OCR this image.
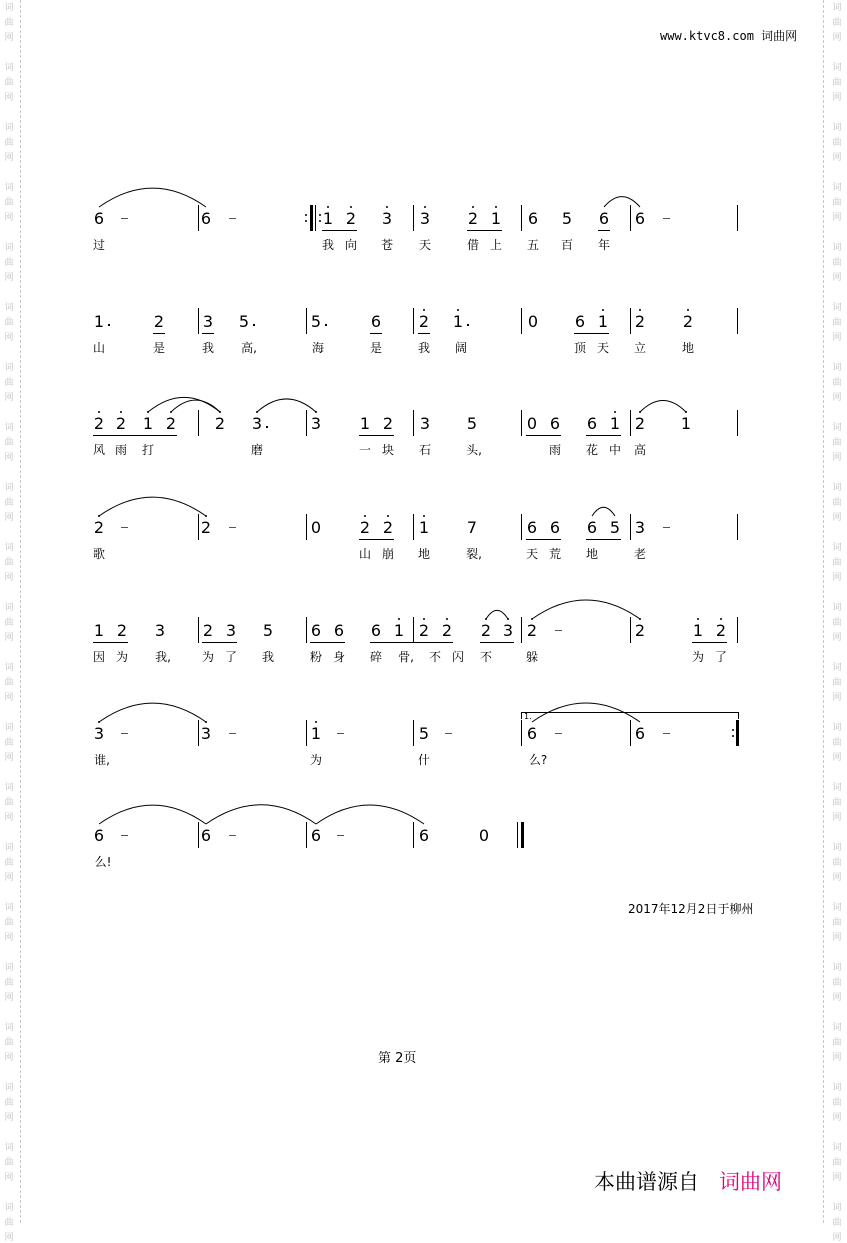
词
曲
网
词
曲
网
词
曲
网
词
曲
网
词
曲
网
词
曲
网
词
曲
网
词
曲
网
词
曲
网
词
曲
网
词
曲
网
词
曲
网
词
曲
网
词
曲
网
词
曲
网
词
曲
网
词
曲
网
词
曲
网
词
曲
网
词
曲
网
词
曲
网
词
曲
网
词
曲
网
词
曲
网
词
曲
网
词
曲
网
词
曲
网
词
曲
网
词
曲
网
词
曲
网
词
曲
网
词
曲
网
词
曲
网
词
曲
网
词
曲
网
词
曲
网
词
曲
网
词
曲
网
词
曲
网
词
曲
网
词
曲
网
词
曲
网
www.ktvc8.com 词曲网
6	6	1 2 3 3 2 1 6 5 6 6
过	我 向 苍 天	借 上 五 百 年
1	2 3 5	5	6 2 1	0 6 1 2 2
山	是	我 高,	海	是	我 阔	顶 天 立	地
2 2 1 2 2 3	3 1 2 3 5	0 6 6 1 2 1
风 雨 打	磨	一 块 石	头,	雨 花 中 高
2	2	0 2 2 1 7	6 6 6 5 3
歌	山 崩 地	裂,	天 荒 地	老
1 2 3 2 3 5 6 6 6 1 2 2 2 3 2	2	1 2
因 为 我,	为 了 我	粉 身 碎 骨, 不 闪 不	躲	为 了
3	3	1	5	6	6
1.
谁,	为	什	么?
6	6	6	6	0
么!
2017年12月2日于柳州
第 2页
本曲谱源自 词曲网
